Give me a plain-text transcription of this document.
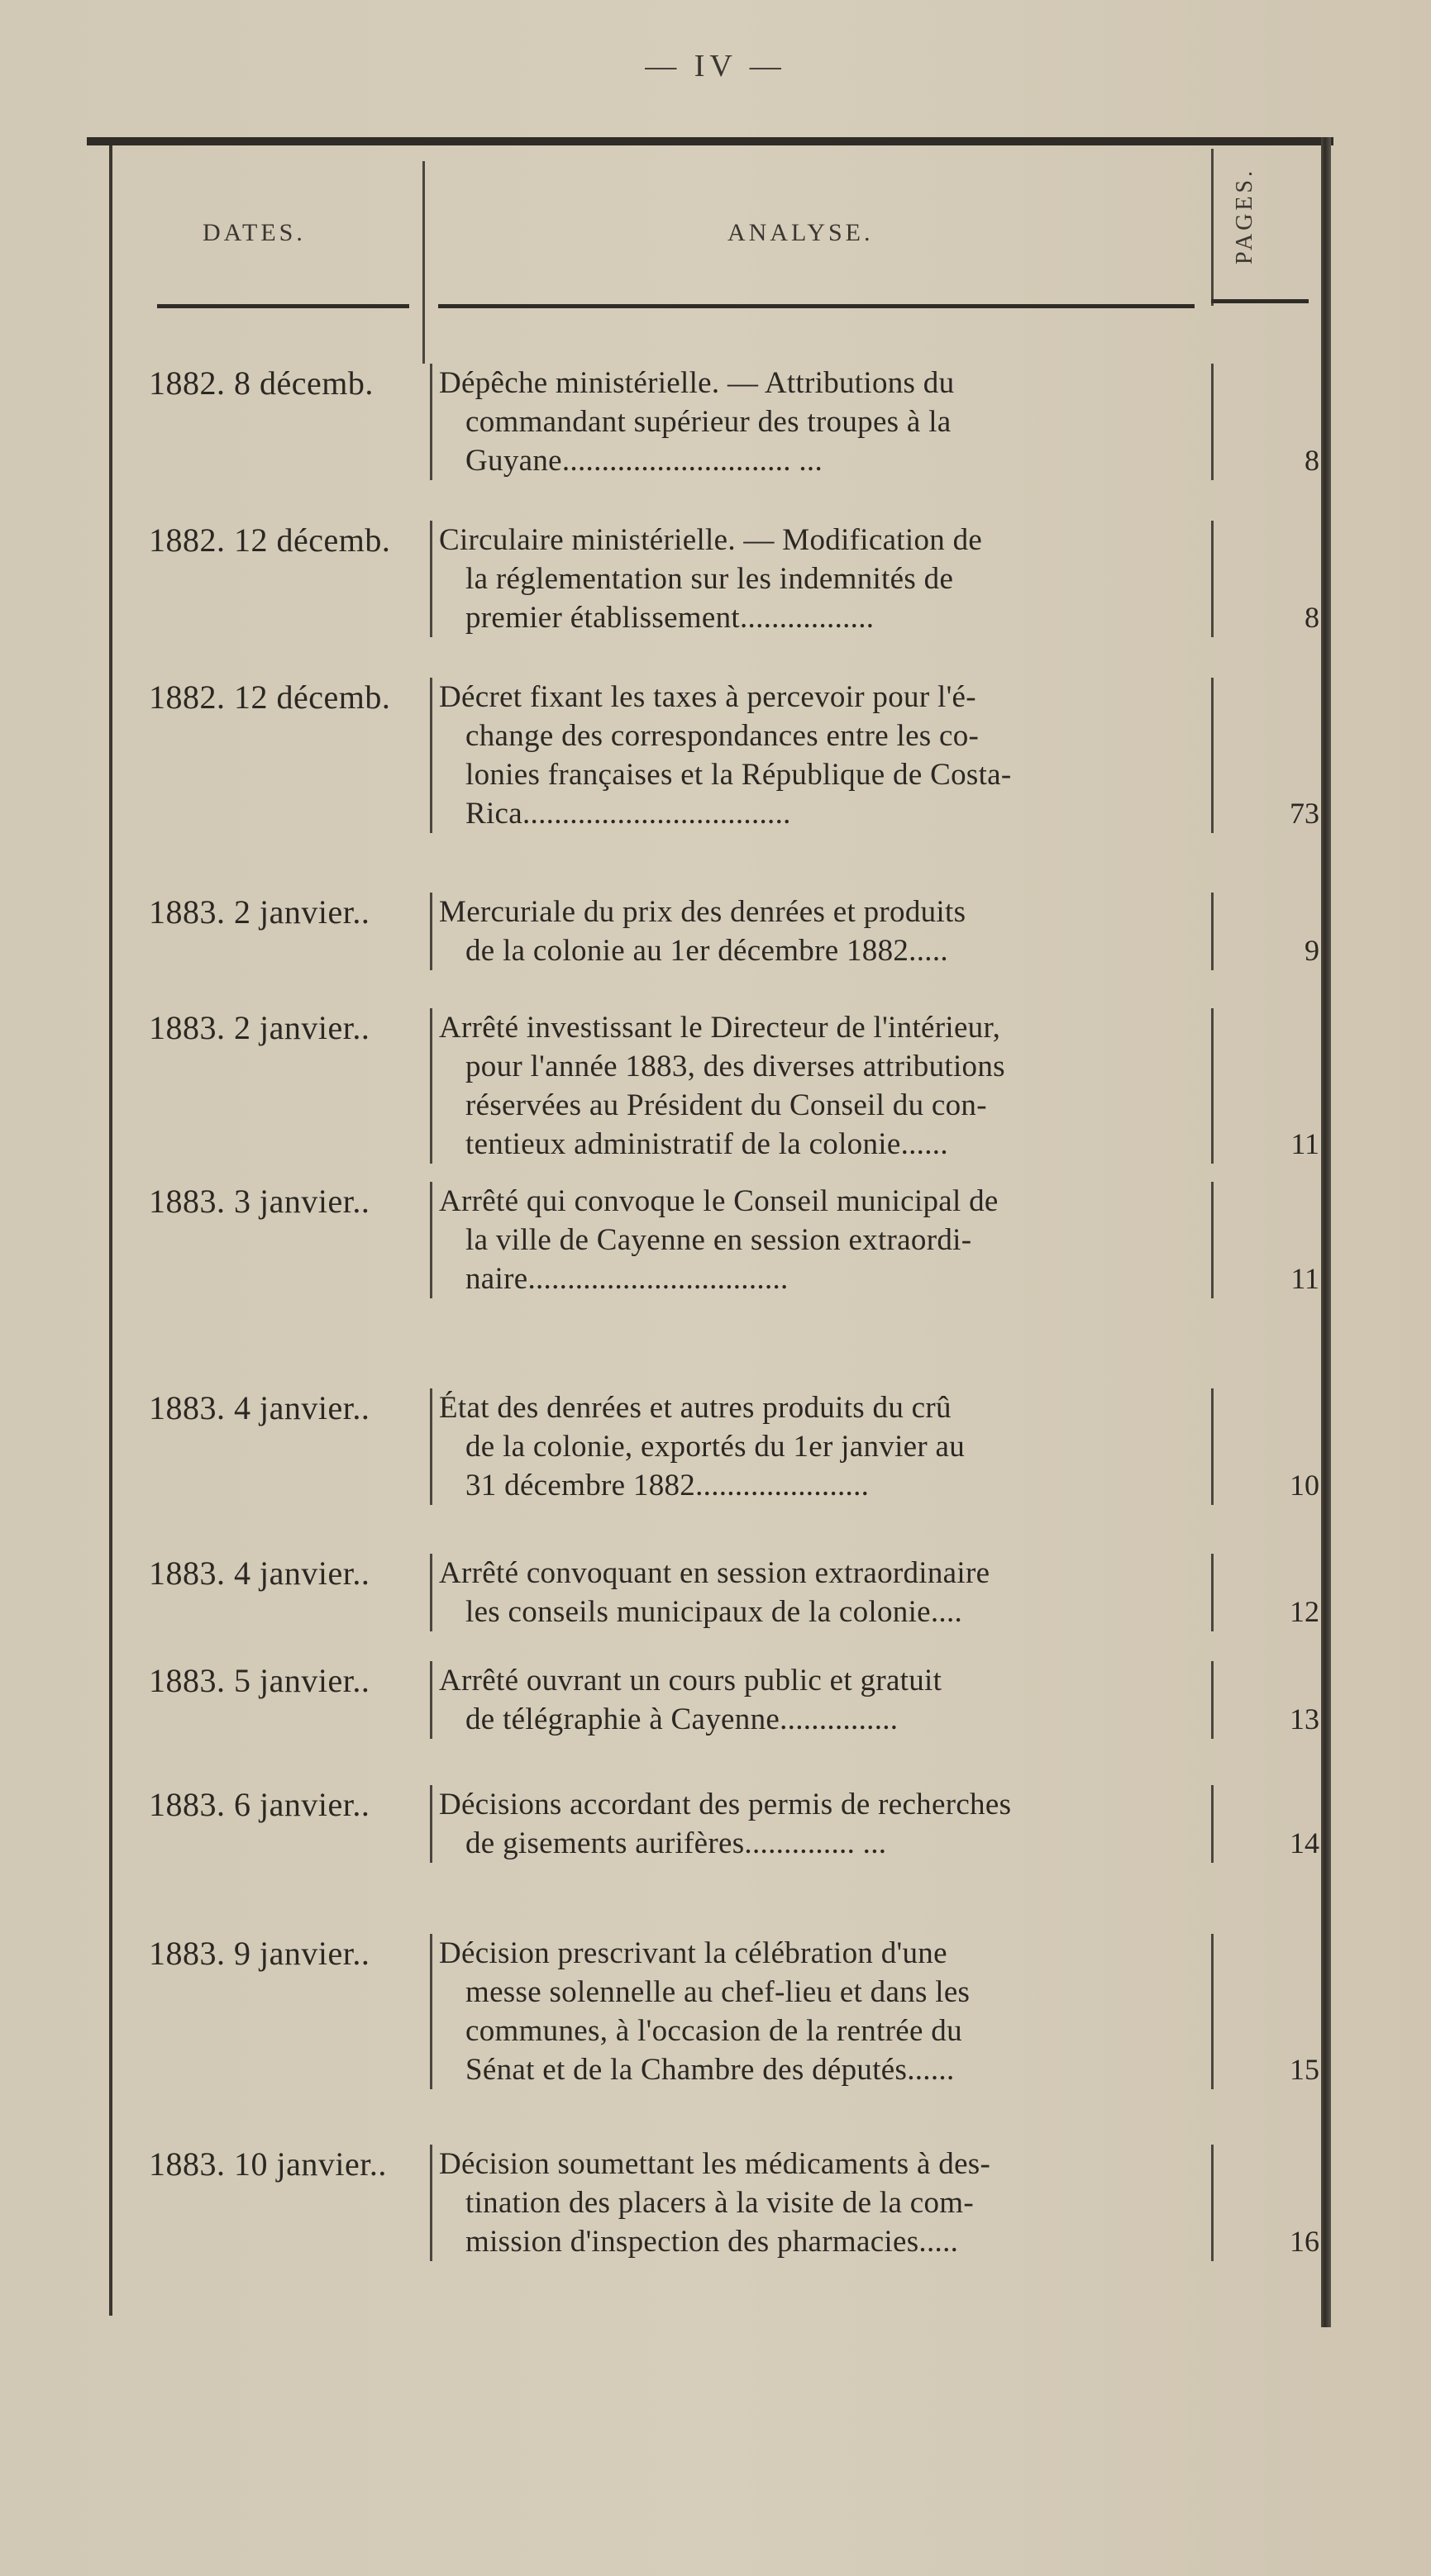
— IV —
DATES.	ANALYSE.	PAGES.
1882. 8 décemb. Dépêche ministérielle. — Attributions du
commandant supérieur des troupes à la
Guyane............................. ...	8
1882. 12 décemb. Circulaire ministérielle. — Modification de
la réglementation sur les indemnités de
premier établissement.................	8
1882. 12 décemb. Décret fixant les taxes à percevoir pour l'é-
change des correspondances entre les co-
lonies françaises et la République de Costa-
Rica..................................	73
1883. 2 janvier.. Mercuriale du prix des denrées et produits
de la colonie au 1er décembre 1882.....	9
1883. 2 janvier.. Arrêté investissant le Directeur de l'intérieur,
pour l'année 1883, des diverses attributions
réservées au Président du Conseil du con-
tentieux administratif de la colonie......	11
1883. 3 janvier.. Arrêté qui convoque le Conseil municipal de
la ville de Cayenne en session extraordi-
naire.................................	11
1883. 4 janvier.. État des denrées et autres produits du crû
de la colonie, exportés du 1er janvier au
31 décembre 1882......................	10
1883. 4 janvier.. Arrêté convoquant en session extraordinaire
les conseils municipaux de la colonie....	12
1883. 5 janvier.. Arrêté ouvrant un cours public et gratuit
de télégraphie à Cayenne...............	13
1883. 6 janvier.. Décisions accordant des permis de recherches
de gisements aurifères.............. ...	14
1883. 9 janvier.. Décision prescrivant la célébration d'une
messe solennelle au chef-lieu et dans les
communes, à l'occasion de la rentrée du
Sénat et de la Chambre des députés......	15
1883. 10 janvier.. Décision soumettant les médicaments à des-
tination des placers à la visite de la com-
mission d'inspection des pharmacies.....	16
